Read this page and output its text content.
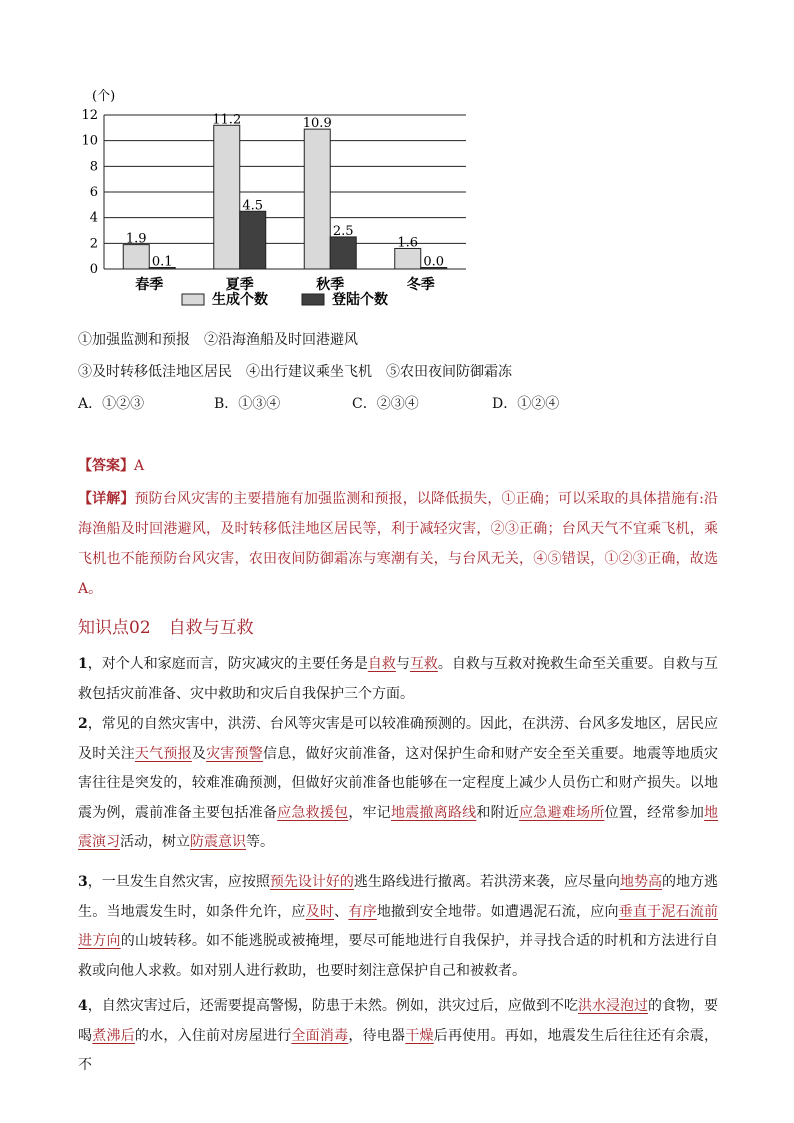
(个)
0
2
4
6
8
10
12
1.9
0.1
11.2
4.5
10.9
2.5
1.6
0.0
春季	夏季	秋季	冬季
生成个数	登陆个数
①加强监测和预报　②沿海渔船及时回港避风
③及时转移低洼地区居民　④出行建议乘坐飞机　⑤农田夜间防御霜冻
A．①②③	B．①③④	C．②③④	D．①②④
【答案】A
【详解】预防台风灾害的主要措施有加强监测和预报，以降低损失，①正确；可以采取的具体措施有:沿海渔船及时回港避风，及时转移低洼地区居民等，利于减轻灾害，②③正确；台风天气不宜乘飞机，乘飞机也不能预防台风灾害，农田夜间防御霜冻与寒潮有关，与台风无关，④⑤错误，①②③正确，故选A。
知识点02 自救与互救
1，对个人和家庭而言，防灾减灾的主要任务是自救与互救。自救与互救对挽救生命至关重要。自救与互救包括灾前准备、灾中救助和灾后自我保护三个方面。
2，常见的自然灾害中，洪涝、台风等灾害是可以较准确预测的。因此，在洪涝、台风多发地区，居民应及时关注天气预报及灾害预警信息，做好灾前准备，这对保护生命和财产安全至关重要。地震等地质灾害往往是突发的，较难准确预测，但做好灾前准备也能够在一定程度上减少人员伤亡和财产损失。以地震为例，震前准备主要包括准备应急救援包，牢记地震撤离路线和附近应急避难场所位置，经常参加地震演习活动，树立防震意识等。
3，一旦发生自然灾害，应按照预先设计好的逃生路线进行撤离。若洪涝来袭，应尽量向地势高的地方逃生。当地震发生时，如条件允许，应及时、有序地撤到安全地带。如遭遇泥石流，应向垂直于泥石流前进方向的山坡转移。如不能逃脱或被掩埋，要尽可能地进行自我保护，并寻找合适的时机和方法进行自救或向他人求救。如对别人进行救助，也要时刻注意保护自己和被救者。
4，自然灾害过后，还需要提高警惕，防患于未然。例如，洪灾过后，应做到不吃洪水浸泡过的食物，要喝煮沸后的水，入住前对房屋进行全面消毒，待电器干燥后再使用。再如，地震发生后往往还有余震，不
